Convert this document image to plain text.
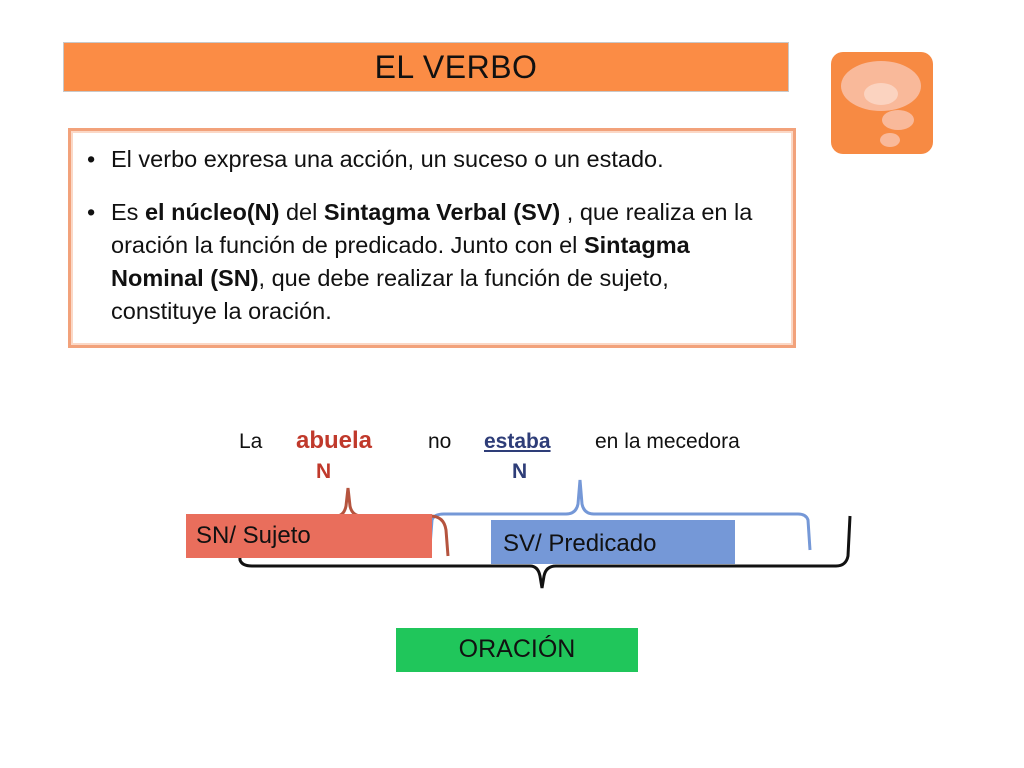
EL VERBO
• El verbo expresa una acción, un suceso o un estado.
• Es el núcleo(N) del Sintagma Verbal (SV) , que realiza en la oración la función de predicado. Junto con el Sintagma Nominal (SN), que debe realizar la función de sujeto, constituye la oración.
La abuela	no estaba en la mecedora
N	N
SN/ Sujeto	SV/ Predicado
ORACIÓN
